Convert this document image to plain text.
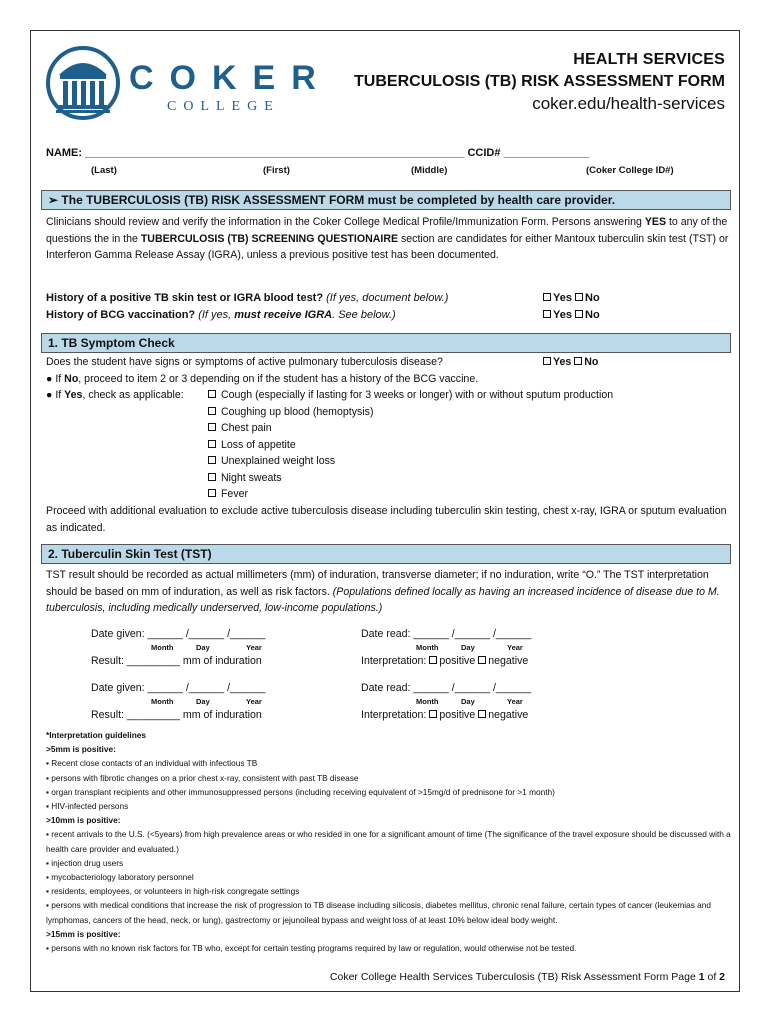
COKER
COLLEGE
HEALTH SERVICES
TUBERCULOSIS (TB) RISK ASSESSMENT FORM
coker.edu/health-services
NAME: ______________________________________________________________ CCID# ______________
(Last)	(First)	(Middle)	(Coker College ID#)
➢ The TUBERCULOSIS (TB) RISK ASSESSMENT FORM must be completed by health care provider.
Clinicians should review and verify the information in the Coker College Medical Profile/Immunization Form. Persons answering YES to any of the questions the in the TUBERCULOSIS (TB) SCREENING QUESTIONAIRE section are candidates for either Mantoux tuberculin skin test (TST) or Interferon Gamma Release Assay (IGRA), unless a previous positive test has been documented.
History of a positive TB skin test or IGRA blood test? (If yes, document below.)	Yes No
History of BCG vaccination? (If yes, must receive IGRA. See below.)	Yes No
1. TB Symptom Check
Does the student have signs or symptoms of active pulmonary tuberculosis disease?	Yes No
● If No, proceed to item 2 or 3 depending on if the student has a history of the BCG vaccine.
● If Yes, check as applicable:	Cough (especially if lasting for 3 weeks or longer) with or without sputum production
Coughing up blood (hemoptysis)
Chest pain
Loss of appetite
Unexplained weight loss
Night sweats
Fever
Proceed with additional evaluation to exclude active tuberculosis disease including tuberculin skin testing, chest x-ray, IGRA or sputum evaluation as indicated.
2. Tuberculin Skin Test (TST)
TST result should be recorded as actual millimeters (mm) of induration, transverse diameter; if no induration, write “O.” The TST interpretation should be based on mm of induration, as well as risk factors. (Populations defined locally as having an increased incidence of disease due to M. tuberculosis, including medically underserved, low-income populations.)
Date given: ______ /______ /______	Date read: ______ /______ /______
Month	Day	Year	Month	Day	Year
Result: _________ mm of induration	Interpretation: positive negative
Date given: ______ /______ /______	Date read: ______ /______ /______
Month	Day	Year	Month	Day	Year
Result: _________ mm of induration	Interpretation: positive negative
*Interpretation guidelines
>5mm is positive:
▪ Recent close contacts of an individual with infectious TB
▪ persons with fibrotic changes on a prior chest x-ray, consistent with past TB disease
▪ organ transplant recipients and other immunosuppressed persons (including receiving equivalent of >15mg/d of prednisone for >1 month)
▪ HIV-infected persons
>10mm is positive:
▪ recent arrivals to the U.S. (<5years) from high prevalence areas or who resided in one for a significant amount of time (The significance of the travel exposure should be discussed with a health care provider and evaluated.)
▪ injection drug users
▪ mycobacteriology laboratory personnel
▪ residents, employees, or volunteers in high-risk congregate settings
▪ persons with medical conditions that increase the risk of progression to TB disease including silicosis, diabetes mellitus, chronic renal failure, certain types of cancer (leukemias and lymphomas, cancers of the head, neck, or lung), gastrectomy or jejunoileal bypass and weight loss of at least 10% below ideal body weight.
>15mm is positive:
▪ persons with no known risk factors for TB who, except for certain testing programs required by law or regulation, would otherwise not be tested.
Coker College Health Services Tuberculosis (TB) Risk Assessment Form Page 1 of 2
